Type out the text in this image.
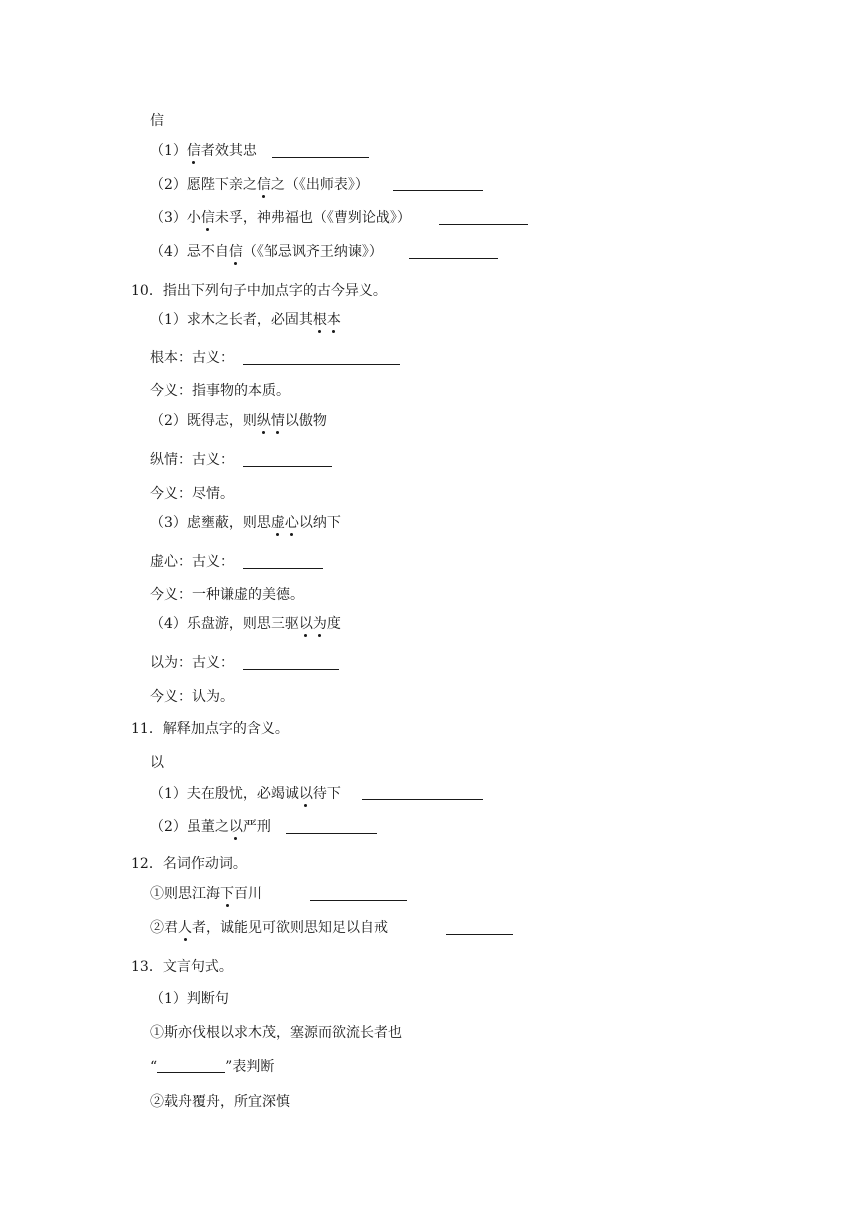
信
（1）信者效其忠
（2）愿陛下亲之信之（《出师表》）
（3）小信未孚，神弗福也（《曹刿论战》）
（4）忌不自信（《邹忌讽齐王纳谏》）
10．指出下列句子中加点字的古今异义。
（1）求木之长者，必固其根本
根本：古义：
今义：指事物的本质。
（2）既得志，则纵情以傲物
纵情：古义：
今义：尽情。
（3）虑壅蔽，则思虚心以纳下
虚心：古义：
今义：一种谦虚的美德。
（4）乐盘游，则思三驱以为度
以为：古义：
今义：认为。
11．解释加点字的含义。
以
（1）夫在殷忧，必竭诚以待下
（2）虽董之以严刑
12．名词作动词。
①则思江海下百川
②君人者，诚能见可欲则思知足以自戒
13．文言句式。
（1）判断句
①斯亦伐根以求木茂，塞源而欲流长者也
“	”表判断
②载舟覆舟，所宜深慎
